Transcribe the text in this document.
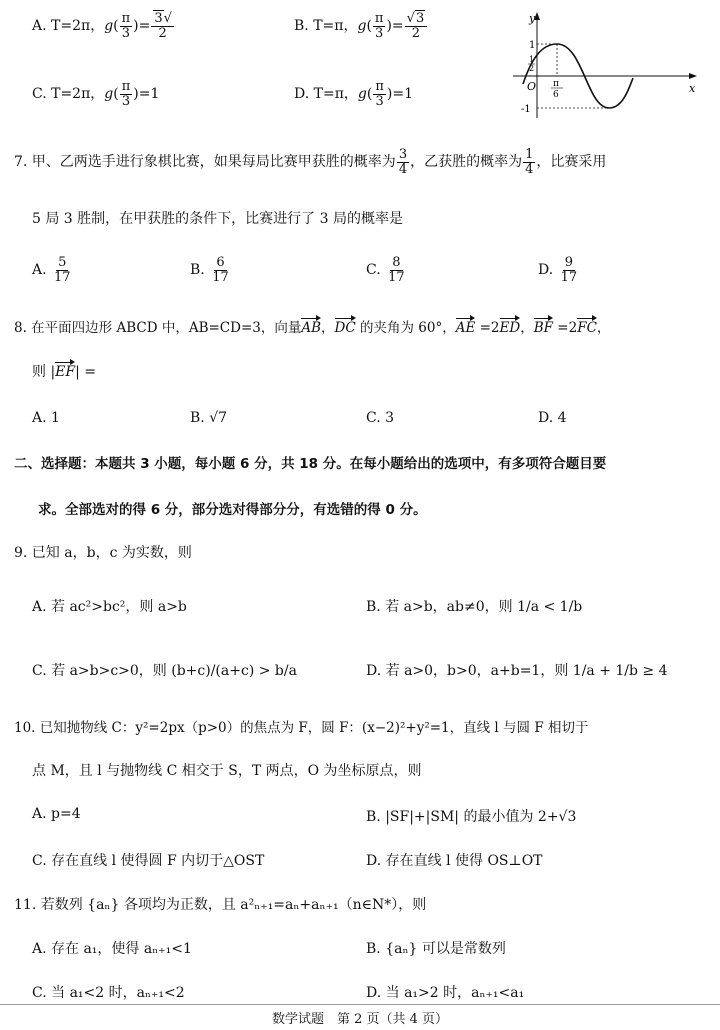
A. T=2π，$g( \frac{\pi}{3}$ )= $\frac{3√}{2}$	B. T=π，$g( \frac{\pi}{3}$ )= $\frac{√3}{2}$
C. T=2π，$g( \frac{\pi}{3} )=1$	D. T=π，$g( \frac{\pi}{3} )=1$
y
x
O
1
1
2
-1
π
6
7. 甲、乙两选手进行象棋比赛，如果每局比赛甲获胜的概率为 $\frac{3}{4}$ ，乙获胜的概率为 $\frac{1}{4}$ ，比赛采用
5 局 3 胜制，在甲获胜的条件下，比赛进行了 3 局的概率是
A. $\frac{5}{17}$	B. $\frac{6}{17}$	C. $\frac{8}{17}$	D. $\frac{9}{17}$
8. 在平面四边形 ABCD 中，AB=CD=3，向量AB，DC 的夹角为 60°，AE =2ED，BF =2FC，
则 |EF| =
A. 1	B. √7	C. 3	D. 4
二、选择题：本题共 3 小题，每小题 6 分，共 18 分。在每小题给出的选项中，有多项符合题目要
求。全部选对的得 6 分，部分选对得部分分，有选错的得 0 分。
9. 已知 a，b，c 为实数，则
A. 若 ac²>bc²，则 a>b	B. 若 a>b，ab≠0，则 1/a < 1/b
C. 若 a>b>c>0，则 (b+c)/(a+c) > b/a	D. 若 a>0，b>0，a+b=1，则 1/a + 1/b ≥ 4
10. 已知抛物线 C：y²=2px（p>0）的焦点为 F，圆 F：(x−2)²+y²=1，直线 l 与圆 F 相切于
点 M，且 l 与抛物线 C 相交于 S，T 两点，O 为坐标原点，则
A. p=4	B. |SF|+|SM| 的最小值为 2+√3
C. 存在直线 l 使得圆 F 内切于△OST	D. 存在直线 l 使得 OS⊥OT
11. 若数列 {aₙ} 各项均为正数，且 a²ₙ₊₁=aₙ+aₙ₊₁（n∈N*），则
A. 存在 a₁，使得 aₙ₊₁<1	B. {aₙ} 可以是常数列
C. 当 a₁<2 时，aₙ₊₁<2	D. 当 a₁>2 时，aₙ₊₁<a₁
数学试题　第 2 页（共 4 页）
